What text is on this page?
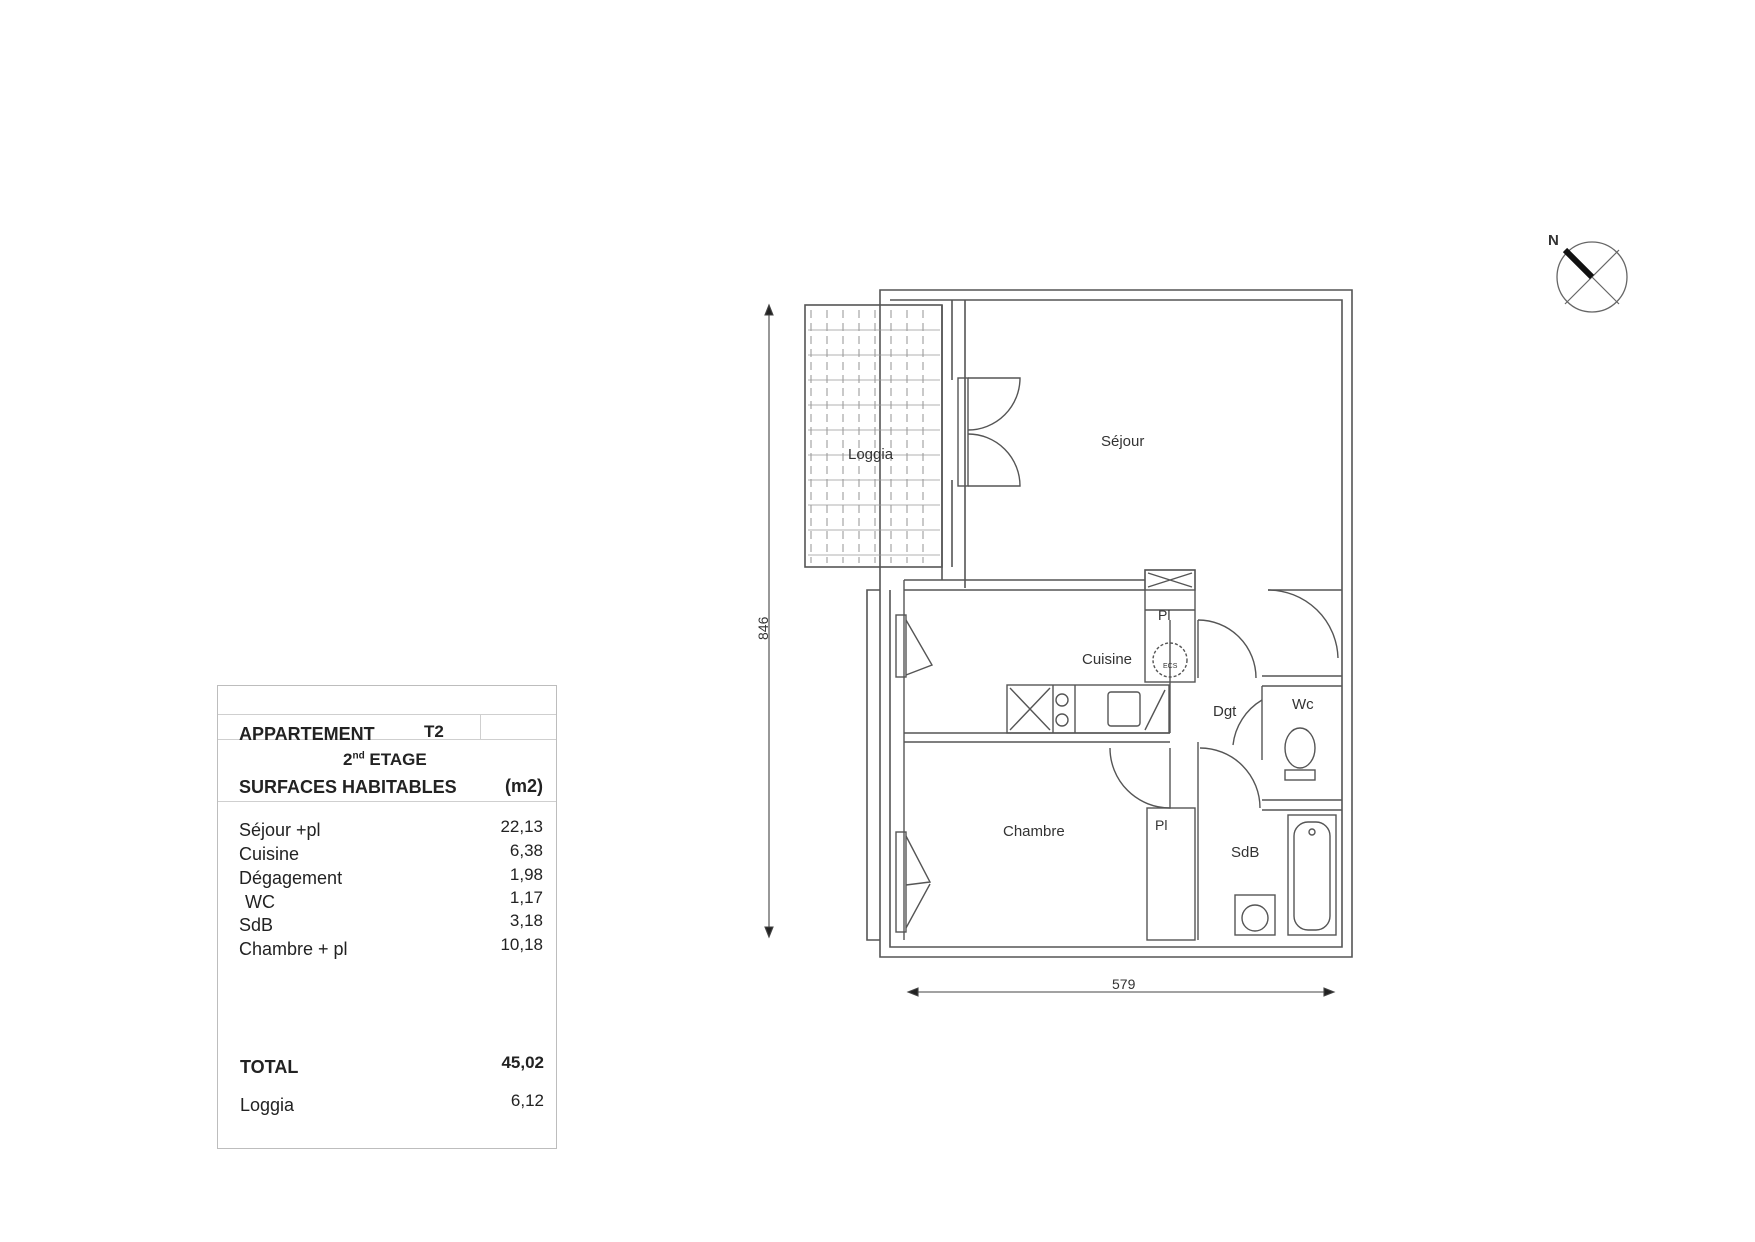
APPARTEMENT	T2
2nd ETAGE
SURFACES HABITABLES	(m2)
Séjour +pl	22,13
Cuisine	6,38
Dégagement	1,98
WC	1,17
SdB	3,18
Chambre + pl	10,18
TOTAL	45,02
Loggia	6,12
Loggia
Séjour
Cuisine
Dgt	Wc
Chambre
SdB
Pl
Pl
ECS
846
579
N
